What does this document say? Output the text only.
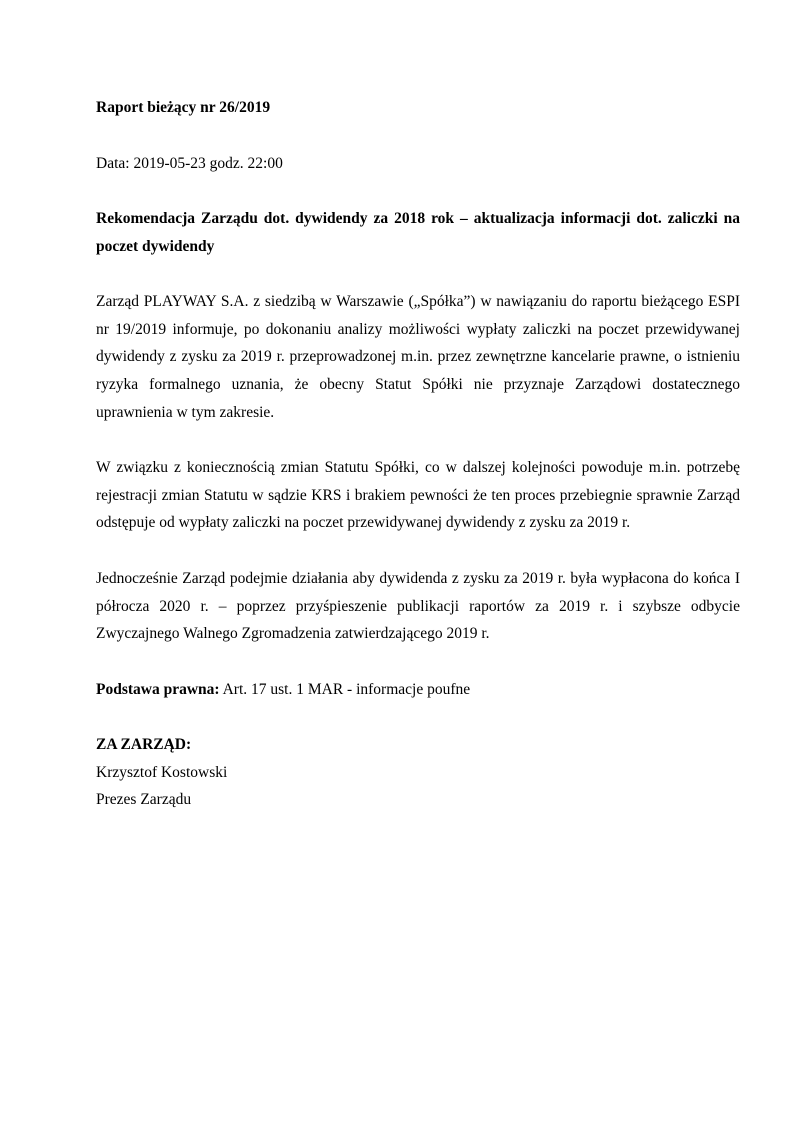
Raport bieżący nr 26/2019

Data: 2019-05-23 godz. 22:00

Rekomendacja Zarządu dot. dywidendy za 2018 rok – aktualizacja informacji dot. zaliczki na poczet dywidendy

Zarząd PLAYWAY S.A. z siedzibą w Warszawie („Spółka”) w nawiązaniu do raportu bieżącego ESPI nr 19/2019 informuje, po dokonaniu analizy możliwości wypłaty zaliczki na poczet przewidywanej dywidendy z zysku za 2019 r. przeprowadzonej m.in. przez zewnętrzne kancelarie prawne, o istnieniu ryzyka formalnego uznania, że obecny Statut Spółki nie przyznaje Zarządowi dostatecznego uprawnienia w tym zakresie.

W związku z koniecznością zmian Statutu Spółki, co w dalszej kolejności powoduje m.in. potrzebę rejestracji zmian Statutu w sądzie KRS i brakiem pewności że ten proces przebiegnie sprawnie Zarząd odstępuje od wypłaty zaliczki na poczet przewidywanej dywidendy z zysku za 2019 r.

Jednocześnie Zarząd podejmie działania aby dywidenda z zysku za 2019 r. była wypłacona do końca I półrocza 2020 r. – poprzez przyśpieszenie publikacji raportów za 2019 r. i szybsze odbycie Zwyczajnego Walnego Zgromadzenia zatwierdzającego 2019 r.

Podstawa prawna: Art. 17 ust. 1 MAR - informacje poufne

ZA ZARZĄD:

Krzysztof Kostowski

Prezes Zarządu
